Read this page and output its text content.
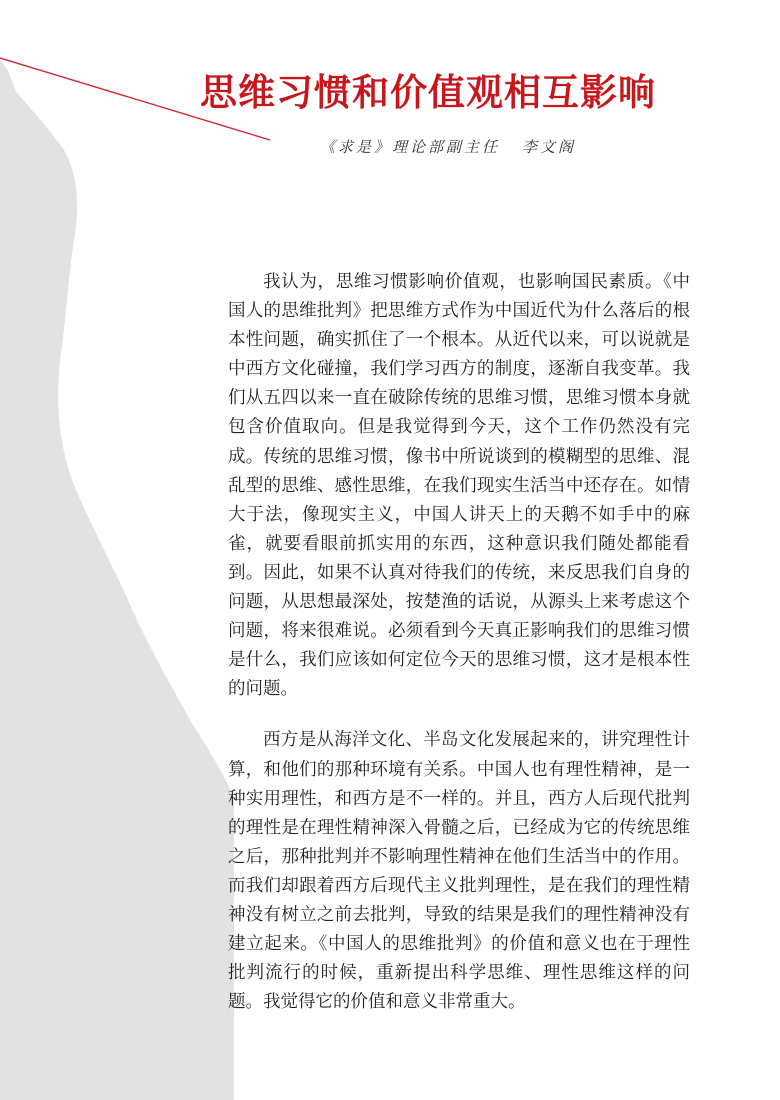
思维习惯和价值观相互影响

《求是》理论部副主任 李文阁

我认为，思维习惯影响价值观，也影响国民素质。《中国人的思维批判》把思维方式作为中国近代为什么落后的根本性问题，确实抓住了一个根本。从近代以来，可以说就是中西方文化碰撞，我们学习西方的制度，逐渐自我变革。我们从五四以来一直在破除传统的思维习惯，思维习惯本身就包含价值取向。但是我觉得到今天，这个工作仍然没有完成。传统的思维习惯，像书中所说谈到的模糊型的思维、混乱型的思维、感性思维，在我们现实生活当中还存在。如情大于法，像现实主义，中国人讲天上的天鹅不如手中的麻雀，就要看眼前抓实用的东西，这种意识我们随处都能看到。因此，如果不认真对待我们的传统，来反思我们自身的问题，从思想最深处，按楚渔的话说，从源头上来考虑这个问题，将来很难说。必须看到今天真正影响我们的思维习惯是什么，我们应该如何定位今天的思维习惯，这才是根本性的问题。

西方是从海洋文化、半岛文化发展起来的，讲究理性计算，和他们的那种环境有关系。中国人也有理性精神，是一种实用理性，和西方是不一样的。并且，西方人后现代批判的理性是在理性精神深入骨髓之后，已经成为它的传统思维之后，那种批判并不影响理性精神在他们生活当中的作用。而我们却跟着西方后现代主义批判理性，是在我们的理性精神没有树立之前去批判，导致的结果是我们的理性精神没有建立起来。《中国人的思维批判》的价值和意义也在于理性批判流行的时候，重新提出科学思维、理性思维这样的问题。我觉得它的价值和意义非常重大。
